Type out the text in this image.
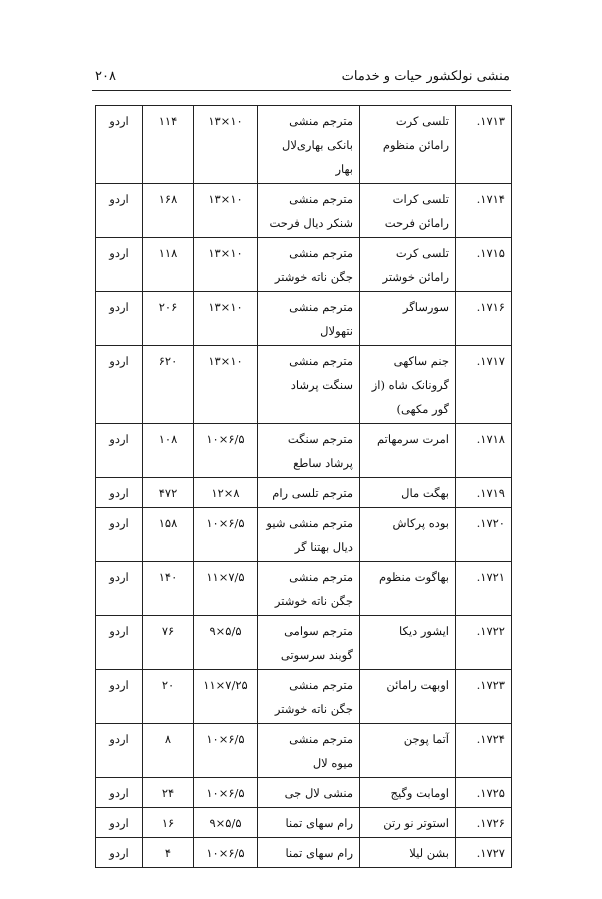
منشی نولکشور حیات و خدمات
۲۰۸
۱۷۱۳.	تلسی کرت رامائن منظوم	مترجم منشی بانکی بهاری‌لال بهار	۱۰×۱۳	۱۱۴	اردو
۱۷۱۴.	تلسی کرات رامائن فرحت	مترجم منشی شنکر دیال فرحت	۱۰×۱۳	۱۶۸	اردو
۱۷۱۵.	تلسی کرت رامائن خوشتر	مترجم منشی جگن ناته خوشتر	۱۰×۱۳	۱۱۸	اردو
۱۷۱۶.	سورساگر	مترجم منشی نتهولال	۱۰×۱۳	۲۰۶	اردو
۱۷۱۷.	جنم ساکهی گرونانک شاه (از گور مکهی)	مترجم منشی سنگت پرشاد	۱۰×۱۳	۶۲۰	اردو
۱۷۱۸.	امرت سرمهاتم	مترجم سنگت پرشاد ساطع	۶/۵×۱۰	۱۰۸	اردو
۱۷۱۹.	بهگت مال	مترجم تلسی رام	۸×۱۲	۴۷۲	اردو
۱۷۲۰.	بوده پرکاش	مترجم منشی شیو دیال بهتنا گر	۶/۵×۱۰	۱۵۸	اردو
۱۷۲۱.	بهاگوت منظوم	مترجم منشی جگن ناته خوشتر	۷/۵×۱۱	۱۴۰	اردو
۱۷۲۲.	ایشور دیکا	مترجم سوامی گوبند سرسوتی	۵/۵×۹	۷۶	اردو
۱۷۲۳.	اوبهت رامائن	مترجم منشی جگن ناته خوشتر	۷/۲۵×۱۱	۲۰	اردو
۱۷۲۴.	آتما پوجن	مترجم منشی میوه لال	۶/۵×۱۰	۸	اردو
۱۷۲۵.	اومابت وگیج	منشی لال جی	۶/۵×۱۰	۲۴	اردو
۱۷۲۶.	استوتر نو رتن	رام سهای تمنا	۵/۵×۹	۱۶	اردو
۱۷۲۷.	بشن لیلا	رام سهای تمنا	۶/۵×۱۰	۴	اردو
